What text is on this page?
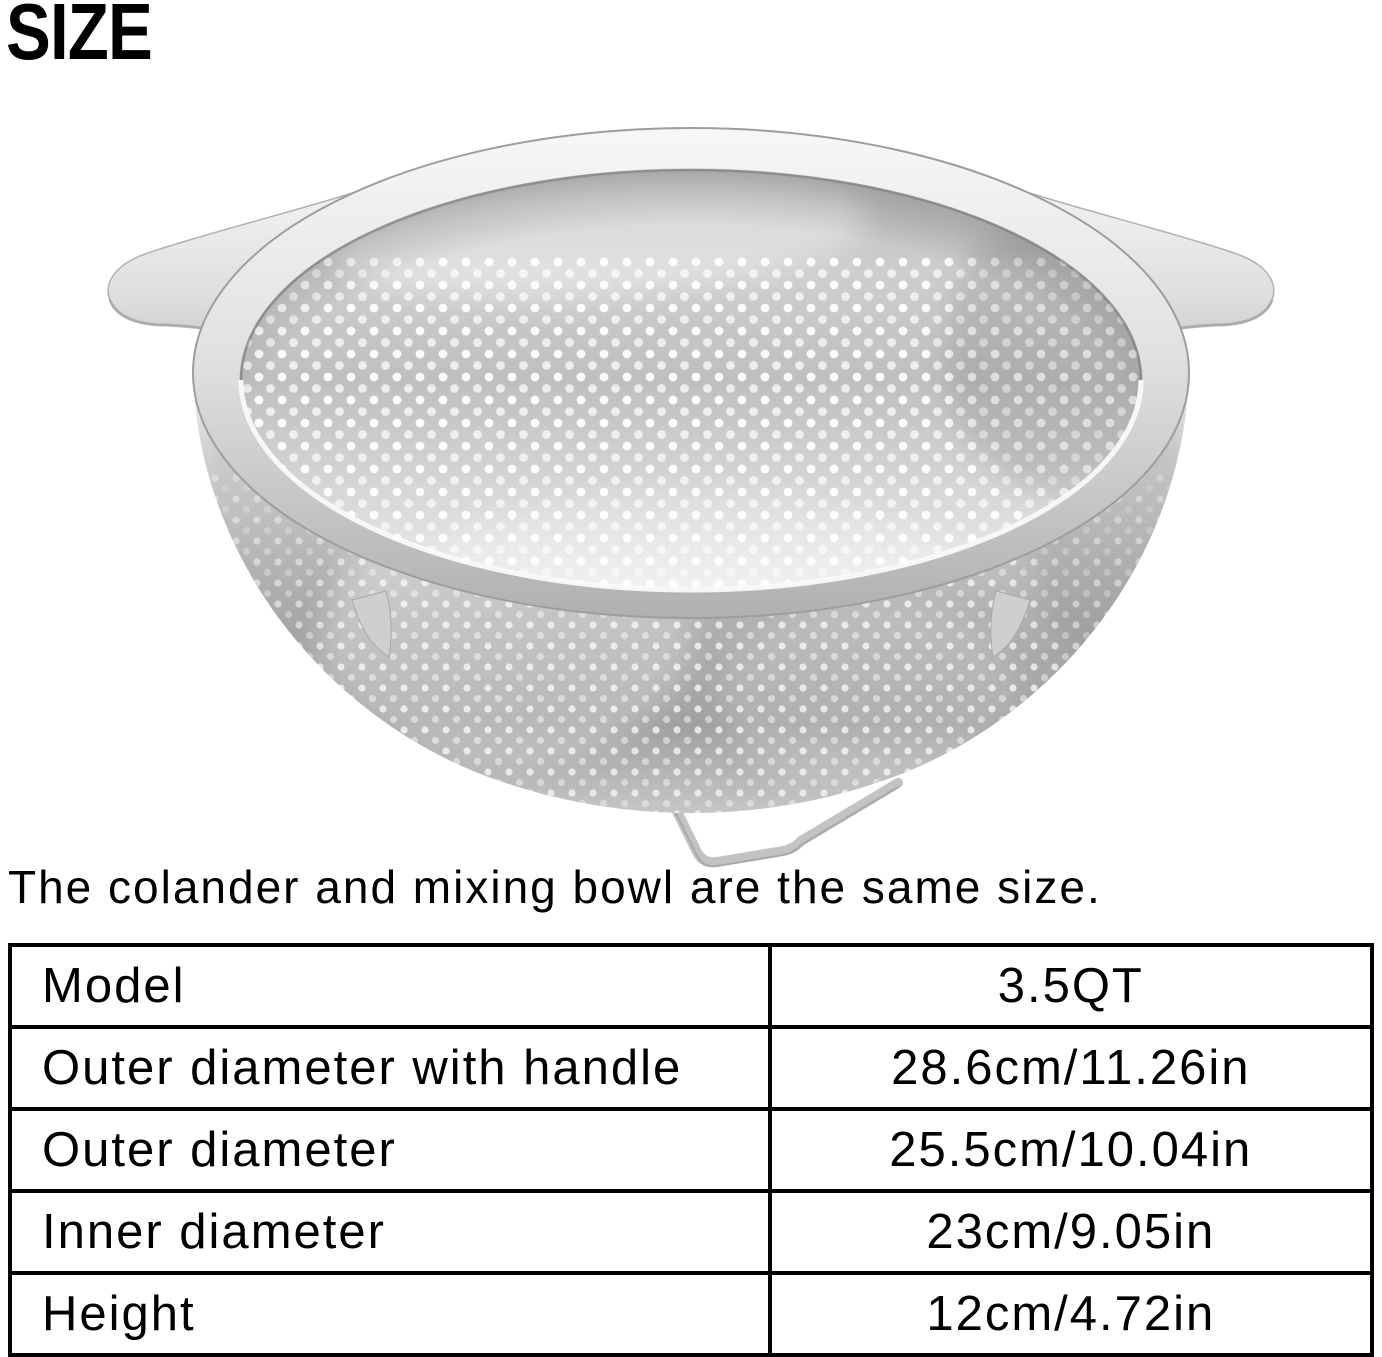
SIZE
The colander and mixing bowl are the same size.
Model	3.5QT
Outer diameter with handle	28.6cm/11.26in
Outer diameter	25.5cm/10.04in
Inner diameter	23cm/9.05in
Height	12cm/4.72in
